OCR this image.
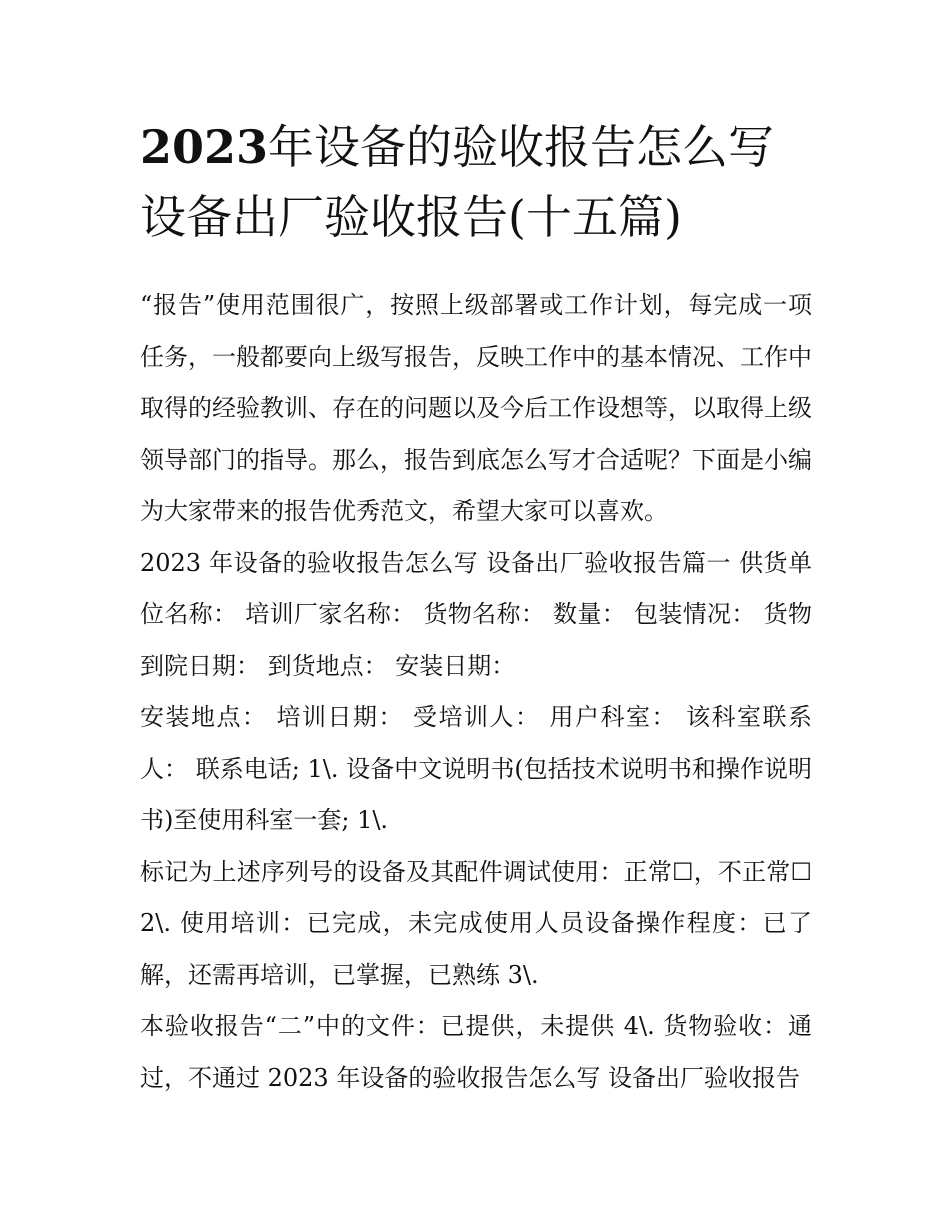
2023年设备的验收报告怎么写
设备出厂验收报告(十五篇)

“报告”使用范围很广，按照上级部署或工作计划，每完成一项任务，一般都要向上级写报告，反映工作中的基本情况、工作中取得的经验教训、存在的问题以及今后工作设想等，以取得上级领导部门的指导。那么，报告到底怎么写才合适呢？下面是小编为大家带来的报告优秀范文，希望大家可以喜欢。

2023 年设备的验收报告怎么写 设备出厂验收报告篇一 供货单位名称： 培训厂家名称： 货物名称： 数量： 包装情况： 货物到院日期： 到货地点： 安装日期：

安装地点： 培训日期： 受培训人： 用户科室： 该科室联系人： 联系电话; 1\. 设备中文说明书(包括技术说明书和操作说明书)至使用科室一套; 1\.

标记为上述序列号的设备及其配件调试使用：正常☐，不正常☐ 2\. 使用培训：已完成，未完成使用人员设备操作程度：已了解，还需再培训，已掌握，已熟练 3\.

本验收报告“二”中的文件：已提供，未提供 4\. 货物验收：通过，不通过 2023 年设备的验收报告怎么写 设备出厂验收报告
